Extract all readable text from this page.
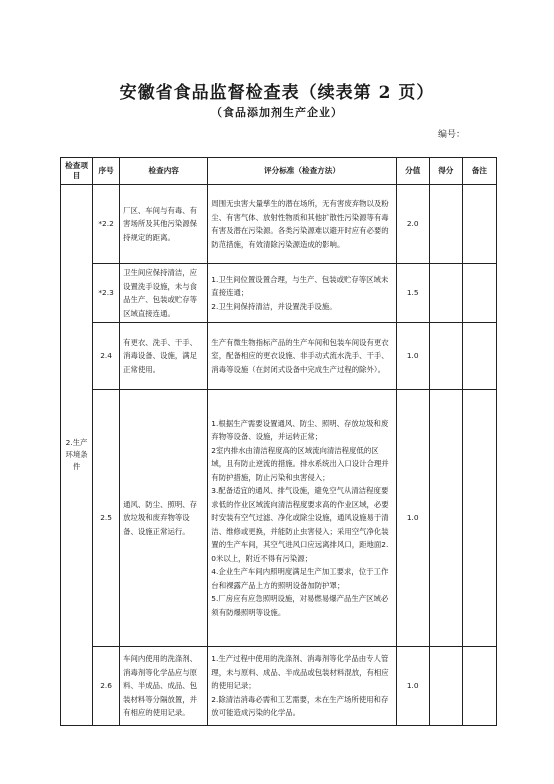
安徽省食品监督检查表（续表第 2 页）
（食品添加剂生产企业）
编号：
检查项目	序号	检查内容	评分标准（检查方法）	分值	得分	备注
2.生产环境条件	*2.2	厂区、车间与有毒、有害场所及其他污染源保持规定的距离。	周围无虫害大量孳生的潜在场所，无有害废弃物以及粉尘、有害气体、放射性物质和其他扩散性污染源等有毒有害及潜在污染源。各类污染源难以避开时应有必要的防范措施，有效清除污染源造成的影响。	2.0		
	*2.3	卫生间应保持清洁，应设置洗手设施，未与食品生产、包装或贮存等区域直接连通。	1.卫生间位置设置合理，与生产、包装或贮存等区域未直接连通；
2.卫生间保持清洁，并设置洗手设施。	1.5		
	2.4	有更衣、洗手、干手、消毒设备、设施，满足正常使用。	生产有微生物指标产品的生产车间和包装车间设有更衣室，配备相应的更衣设施、非手动式流水洗手、干手、消毒等设施（在封闭式设备中完成生产过程的除外）。	1.0		
	2.5	通风、防尘、照明、存放垃圾和废弃物等设备、设施正常运行。	1.根据生产需要设置通风、防尘、照明、存放垃圾和废弃物等设备、设施，并运转正常；
2室内排水由清洁程度高的区域流向清洁程度低的区域，且有防止逆流的措施。排水系统出入口设计合理并有防护措施，防止污染和虫害侵入；
3.配备适宜的通风、排气设施，避免空气从清洁程度要求低的作业区域流向清洁程度要求高的作业区域，必要时安装有空气过滤、净化或除尘设施，通风设施易于清洁、维修或更换，并能防止虫害侵入；采用空气净化装置的生产车间，其空气进风口应远离排风口，距地面2.0米以上，附近不得有污染源；
4.企业生产车间内照明度满足生产加工要求，位于工作台和裸露产品上方的照明设备加防护罩；
5.厂房应有应急照明设施，对易燃易爆产品生产区域必须有防爆照明等设施。	1.0		
	2.6	车间内使用的洗涤剂、消毒剂等化学品应与原料、半成品、成品、包装材料等分隔放置，并有相应的使用记录。	1.生产过程中使用的洗涤剂、消毒剂等化学品由专人管理，未与原料、成品、半成品或包装材料混放，有相应的使用记录；
2.除清洁消毒必需和工艺需要，未在生产场所使用和存放可能造成污染的化学品。	1.0		
